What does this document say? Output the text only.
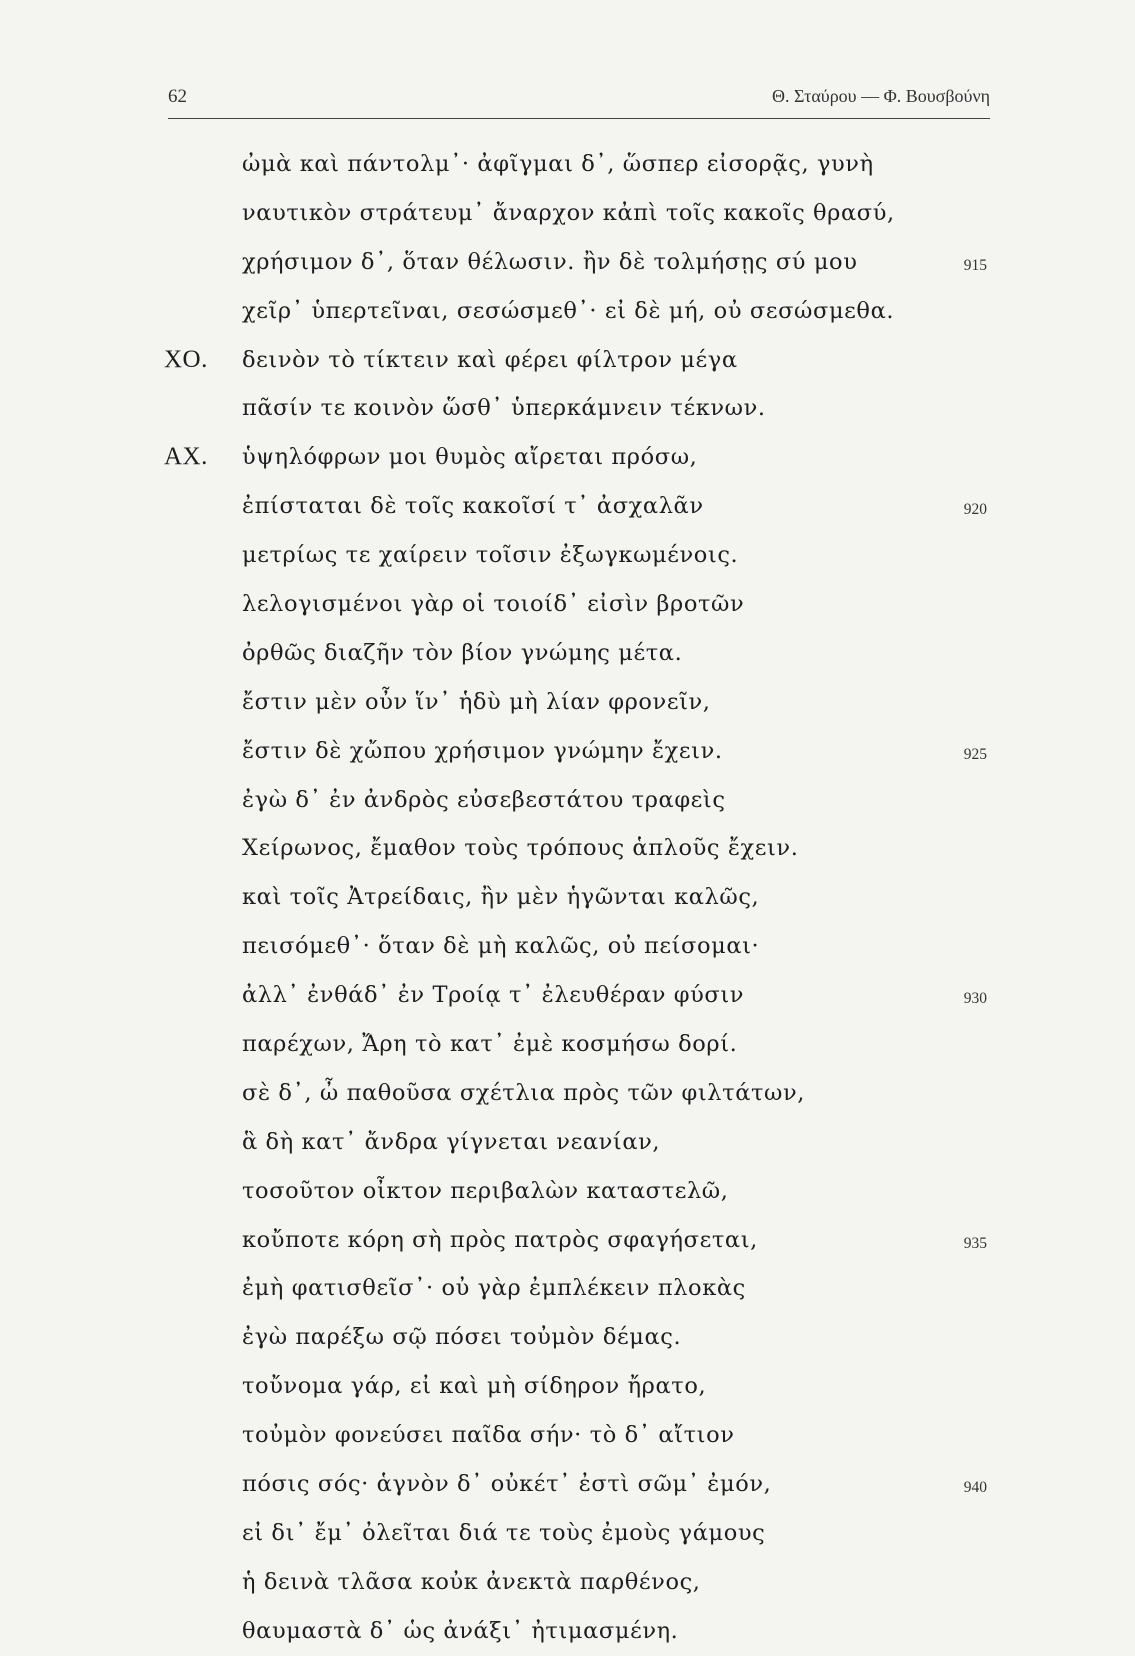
62	Θ. Σταύρου — Φ. Βουσβούνη
ὠμὰ καὶ πάντολμ᾽· ἀφῖγμαι δ᾽, ὥσπερ εἰσορᾷς, γυνὴ
ναυτικὸν στράτευμ᾽ ἄναρχον κἀπὶ τοῖς κακοῖς θρασύ,
χρήσιμον δ᾽, ὅταν θέλωσιν. ἢν δὲ τολμήσῃς σύ μου	915
χεῖρ᾽ ὑπερτεῖναι, σεσώσμεθ᾽· εἰ δὲ μή, οὐ σεσώσμεθα.
ΧΟ. δεινὸν τὸ τίκτειν καὶ φέρει φίλτρον μέγα
πᾶσίν τε κοινὸν ὥσθ᾽ ὑπερκάμνειν τέκνων.
ΑΧ. ὑψηλόφρων μοι θυμὸς αἴρεται πρόσω,
ἐπίσταται δὲ τοῖς κακοῖσί τ᾽ ἀσχαλᾶν	920
μετρίως τε χαίρειν τοῖσιν ἐξωγκωμένοις.
λελογισμένοι γὰρ οἱ τοιοίδ᾽ εἰσὶν βροτῶν
ὀρθῶς διαζῆν τὸν βίον γνώμης μέτα.
ἔστιν μὲν οὖν ἵν᾽ ἡδὺ μὴ λίαν φρονεῖν,
ἔστιν δὲ χὤπου χρήσιμον γνώμην ἔχειν.	925
ἐγὼ δ᾽ ἐν ἀνδρὸς εὐσεβεστάτου τραφεὶς
Χείρωνος, ἔμαθον τοὺς τρόπους ἁπλοῦς ἔχειν.
καὶ τοῖς Ἀτρείδαις, ἢν μὲν ἡγῶνται καλῶς,
πεισόμεθ᾽· ὅταν δὲ μὴ καλῶς, οὐ πείσομαι·
ἀλλ᾽ ἐνθάδ᾽ ἐν Τροίᾳ τ᾽ ἐλευθέραν φύσιν	930
παρέχων, Ἄρη τὸ κατ᾽ ἐμὲ κοσμήσω δορί.
σὲ δ᾽, ὦ παθοῦσα σχέτλια πρὸς τῶν φιλτάτων,
ἃ δὴ κατ᾽ ἄνδρα γίγνεται νεανίαν,
τοσοῦτον οἶκτον περιβαλὼν καταστελῶ,
κοὔποτε κόρη σὴ πρὸς πατρὸς σφαγήσεται,	935
ἐμὴ φατισθεῖσ᾽· οὐ γὰρ ἐμπλέκειν πλοκὰς
ἐγὼ παρέξω σῷ πόσει τοὐμὸν δέμας.
τοὔνομα γάρ, εἰ καὶ μὴ σίδηρον ἤρατο,
τοὐμὸν φονεύσει παῖδα σήν· τὸ δ᾽ αἴτιον
πόσις σός· ἁγνὸν δ᾽ οὐκέτ᾽ ἐστὶ σῶμ᾽ ἐμόν,	940
εἰ δι᾽ ἔμ᾽ ὀλεῖται διά τε τοὺς ἐμοὺς γάμους
ἡ δεινὰ τλᾶσα κοὐκ ἀνεκτὰ παρθένος,
θαυμαστὰ δ᾽ ὡς ἀνάξι᾽ ἠτιμασμένη.
